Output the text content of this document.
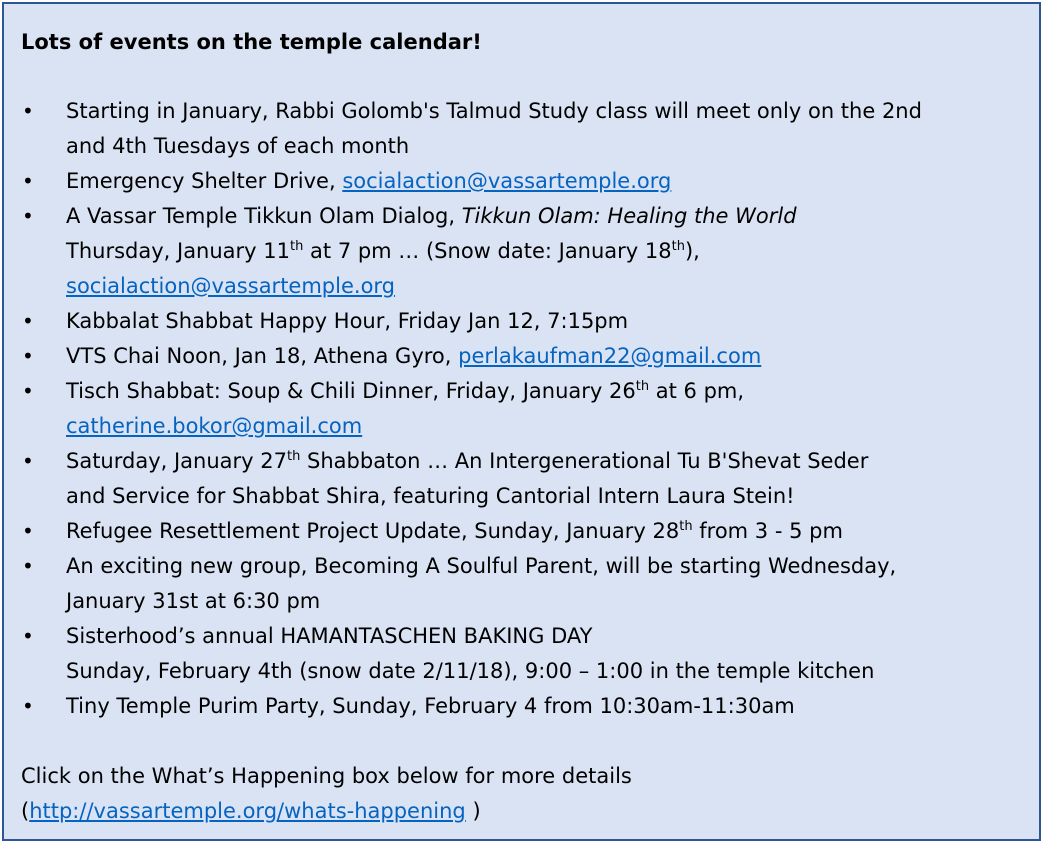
Lots of events on the temple calendar!
• Starting in January, Rabbi Golomb's Talmud Study class will meet only on the 2nd
and 4th Tuesdays of each month
• Emergency Shelter Drive, socialaction@vassartemple.org
• A Vassar Temple Tikkun Olam Dialog, Tikkun Olam: Healing the World
Thursday, January 11th at 7 pm … (Snow date: January 18th),
socialaction@vassartemple.org
• Kabbalat Shabbat Happy Hour, Friday Jan 12, 7:15pm
• VTS Chai Noon, Jan 18, Athena Gyro, perlakaufman22@gmail.com
• Tisch Shabbat: Soup & Chili Dinner, Friday, January 26th at 6 pm,
catherine.bokor@gmail.com
• Saturday, January 27th Shabbaton … An Intergenerational Tu B'Shevat Seder
and Service for Shabbat Shira, featuring Cantorial Intern Laura Stein!
• Refugee Resettlement Project Update, Sunday, January 28th from 3 - 5 pm
• An exciting new group, Becoming A Soulful Parent, will be starting Wednesday,
January 31st at 6:30 pm
• Sisterhood’s annual HAMANTASCHEN BAKING DAY
Sunday, February 4th (snow date 2/11/18), 9:00 – 1:00 in the temple kitchen
• Tiny Temple Purim Party, Sunday, February 4 from 10:30am-11:30am
Click on the What’s Happening box below for more details
(http://vassartemple.org/whats-happening )
